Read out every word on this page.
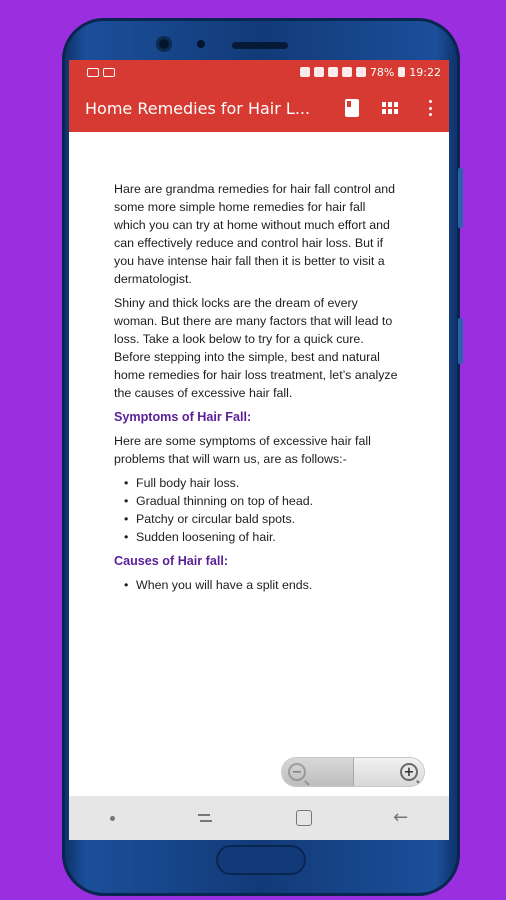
78% 19:22
Home Remedies for Hair L...

Hare are grandma remedies for hair fall control and some more simple home remedies for hair fall which you can try at home without much effort and can effectively reduce and control hair loss. But if you have intense hair fall then it is better to visit a dermatologist.

Shiny and thick locks are the dream of every woman. But there are many factors that will lead to loss. Take a look below to try for a quick cure. Before stepping into the simple, best and natural home remedies for hair loss treatment, let’s analyze the causes of excessive hair fall.

Symptoms of Hair Fall:

Here are some symptoms of excessive hair fall problems that will warn us, are as follows:-

• Full body hair loss.
• Gradual thinning on top of head.
• Patchy or circular bald spots.
• Sudden loosening of hair.
Causes of Hair fall:
• When you will have a split ends.
−	+
←
